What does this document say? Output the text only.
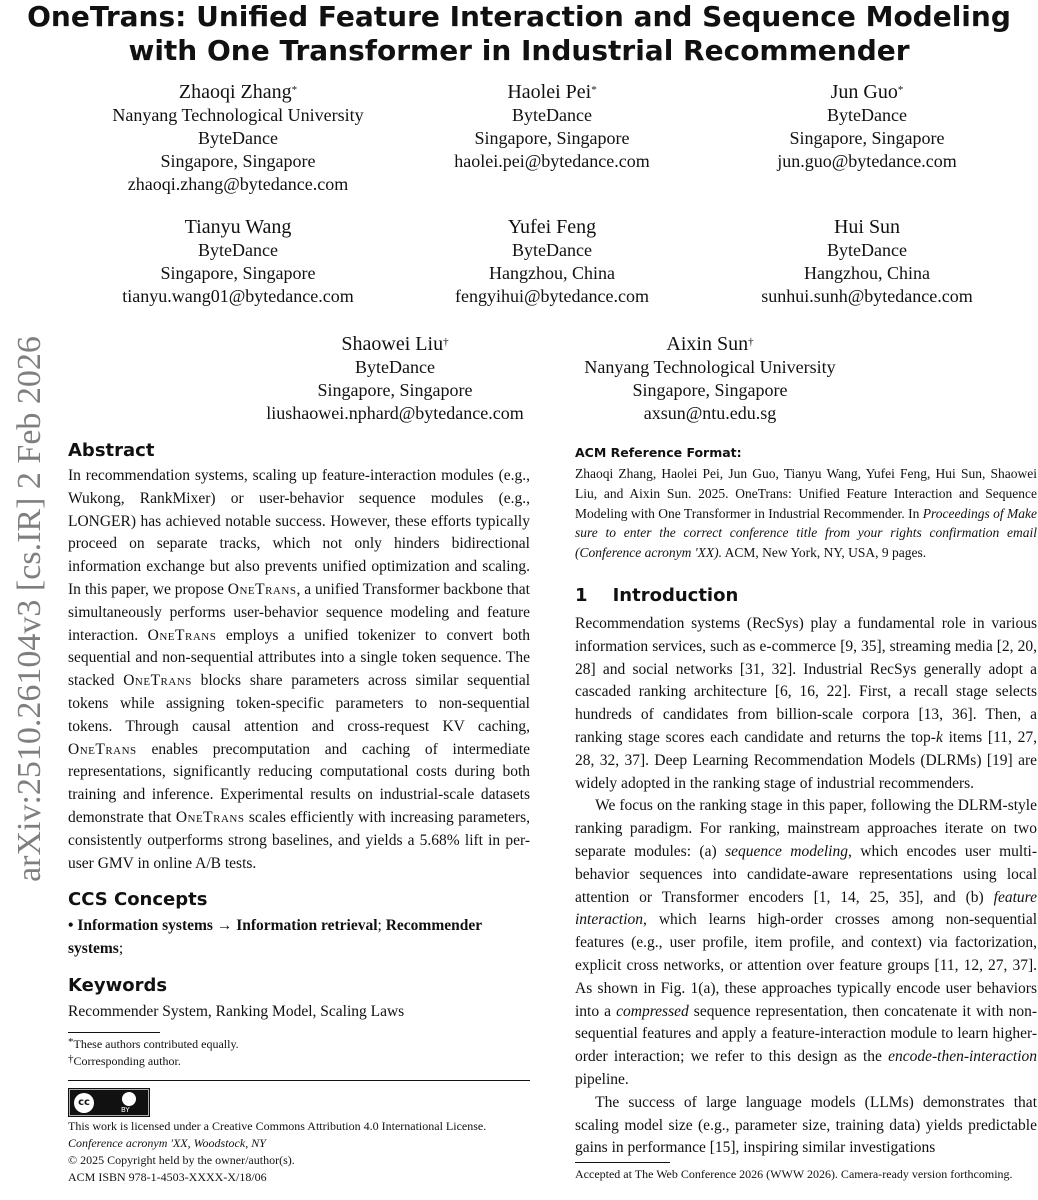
OneTrans: Unified Feature Interaction and Sequence Modeling
with One Transformer in Industrial Recommender
Zhaoqi Zhang*
Nanyang Technological University
ByteDance
Singapore, Singapore
zhaoqi.zhang@bytedance.com
Haolei Pei*
ByteDance
Singapore, Singapore
haolei.pei@bytedance.com
Jun Guo*
ByteDance
Singapore, Singapore
jun.guo@bytedance.com
Tianyu Wang
ByteDance
Singapore, Singapore
tianyu.wang01@bytedance.com
Yufei Feng
ByteDance
Hangzhou, China
fengyihui@bytedance.com
Hui Sun
ByteDance
Hangzhou, China
sunhui.sunh@bytedance.com
Shaowei Liu†
ByteDance
Singapore, Singapore
liushaowei.nphard@bytedance.com
Aixin Sun†
Nanyang Technological University
Singapore, Singapore
axsun@ntu.edu.sg
arXiv:2510.26104v3 [cs.IR] 2 Feb 2026 Abstract

In recommendation systems, scaling up feature-interaction modules (e.g., Wukong, RankMixer) or user-behavior sequence modules (e.g., LONGER) has achieved notable success. However, these efforts typically proceed on separate tracks, which not only hinders bidirectional information exchange but also prevents unified optimization and scaling. In this paper, we propose OneTrans, a unified Transformer backbone that simultaneously performs user-behavior sequence modeling and feature interaction. OneTrans employs a unified tokenizer to convert both sequential and non-sequential attributes into a single token sequence. The stacked OneTrans blocks share parameters across similar sequential tokens while assigning token-specific parameters to non-sequential tokens. Through causal attention and cross-request KV caching, OneTrans enables precomputation and caching of intermediate representations, significantly reducing computational costs during both training and inference. Experimental results on industrial-scale datasets demonstrate that OneTrans scales efficiently with increasing parameters, consistently outperforms strong baselines, and yields a 5.68% lift in per-user GMV in online A/B tests.

CCS Concepts

• Information systems → Information retrieval; Recommender systems;

Keywords

Recommender System, Ranking Model, Scaling Laws

*These authors contributed equally.
†Corresponding author.
cc
BY
This work is licensed under a Creative Commons Attribution 4.0 International License.
Conference acronym 'XX, Woodstock, NY
© 2025 Copyright held by the owner/author(s).
ACM ISBN 978-1-4503-XXXX-X/18/06
ACM Reference Format:

Zhaoqi Zhang, Haolei Pei, Jun Guo, Tianyu Wang, Yufei Feng, Hui Sun, Shaowei Liu, and Aixin Sun. 2025. OneTrans: Unified Feature Interaction and Sequence Modeling with One Transformer in Industrial Recommender. In Proceedings of Make sure to enter the correct conference title from your rights confirmation email (Conference acronym 'XX). ACM, New York, NY, USA, 9 pages.

1    Introduction

Recommendation systems (RecSys) play a fundamental role in various information services, such as e-commerce [9, 35], streaming media [2, 20, 28] and social networks [31, 32]. Industrial RecSys generally adopt a cascaded ranking architecture [6, 16, 22]. First, a recall stage selects hundreds of candidates from billion-scale corpora [13, 36]. Then, a ranking stage scores each candidate and returns the top-k items [11, 27, 28, 32, 37]. Deep Learning Recommendation Models (DLRMs) [19] are widely adopted in the ranking stage of industrial recommenders.

We focus on the ranking stage in this paper, following the DLRM-style ranking paradigm. For ranking, mainstream approaches iterate on two separate modules: (a) sequence modeling, which encodes user multi-behavior sequences into candidate-aware representations using local attention or Transformer encoders [1, 14, 25, 35], and (b) feature interaction, which learns high-order crosses among non-sequential features (e.g., user profile, item profile, and context) via factorization, explicit cross networks, or attention over feature groups [11, 12, 27, 37]. As shown in Fig. 1(a), these approaches typically encode user behaviors into a compressed sequence representation, then concatenate it with non-sequential features and apply a feature-interaction module to learn higher-order interaction; we refer to this design as the encode-then-interaction pipeline.

The success of large language models (LLMs) demonstrates that scaling model size (e.g., parameter size, training data) yields predictable gains in performance [15], inspiring similar investigations

Accepted at The Web Conference 2026 (WWW 2026). Camera-ready version forthcoming.
